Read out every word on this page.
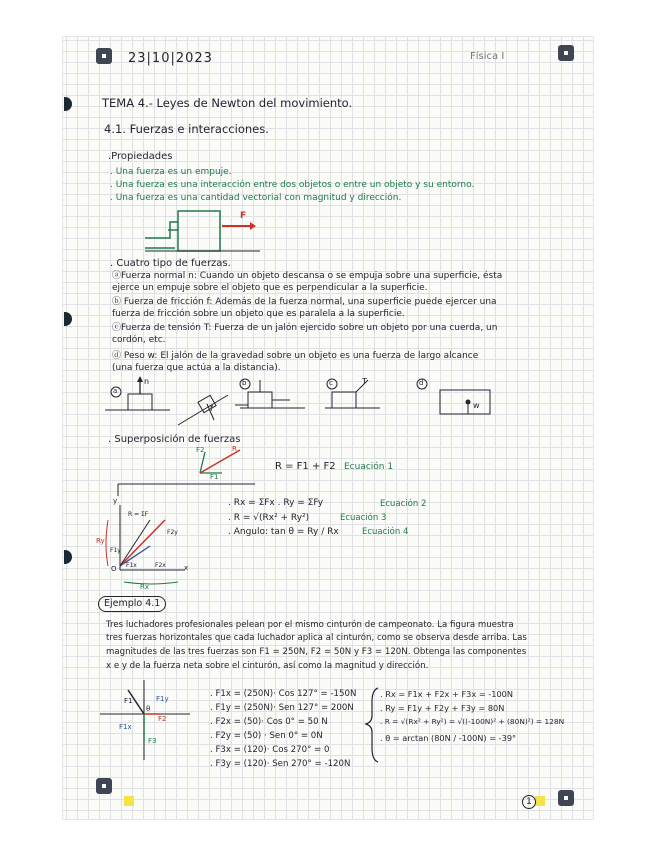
23|10|2023	Física I
TEMA 4.- Leyes de Newton del movimiento.
4.1. Fuerzas e interacciones.
.Propiedades
. Una fuerza es un empuje.
. Una fuerza es una interacción entre dos objetos o entre un objeto y su entorno.
. Una fuerza es una cantidad vectorial con magnitud y dirección.
F
. Cuatro tipo de fuerzas.
ⓐFuerza normal n: Cuando un objeto descansa o se empuja sobre una superficie, ésta
ejerce un empuje sobre el objeto que es perpendicular a la superficie.
ⓑ Fuerza de fricción f: Además de la fuerza normal, una superficie puede ejercer una
fuerza de fricción sobre un objeto que es paralela a la superficie.
ⓒFuerza de tensión T: Fuerza de un jalón ejercido sobre un objeto por una cuerda, un
cordón, etc.
ⓓ Peso w: El jalón de la gravedad sobre un objeto es una fuerza de largo alcance
(una fuerza que actúa a la distancia).
a
b	c	d
n
f
T
w
. Superposición de fuerzas
F2	R
F1
R = F1 + F2 Ecuación 1
y
x
O
Ry
Rx
F1x	F2x
F1y
F2y
R = ΣF
. Rx = ΣFx . Ry = ΣFy	Ecuación 2
. R = √(Rx² + Ry²)	Ecuación 3
. Angulo: tan θ = Ry / Rx	Ecuación 4
Ejemplo 4.1
Tres luchadores profesionales pelean por el mismo cinturón de campeonato. La figura muestra
tres fuerzas horizontales que cada luchador aplica al cinturón, como se observa desde arriba. Las
magnitudes de las tres fuerzas son F1 = 250N, F2 = 50N y F3 = 120N. Obtenga las componentes
x e y de la fuerza neta sobre el cinturón, así como la magnitud y dirección.
F1	F1y
F2
F3
F1x
θ
. F1x = (250N)· Cos 127° = -150N
. F1y = (250N)· Sen 127° = 200N
. F2x = (50)· Cos 0° = 50 N
. F2y = (50) · Sen 0° = 0N
. F3x = (120)· Cos 270° = 0
. F3y = (120)· Sen 270° = -120N
. Rx = F1x + F2x + F3x = -100N
. Ry = F1y + F2y + F3y = 80N
. R = √(Rx² + Ry²) = √((-100N)² + (80N)²) = 128N
. θ = arctan (80N / -100N) = -39°
1
